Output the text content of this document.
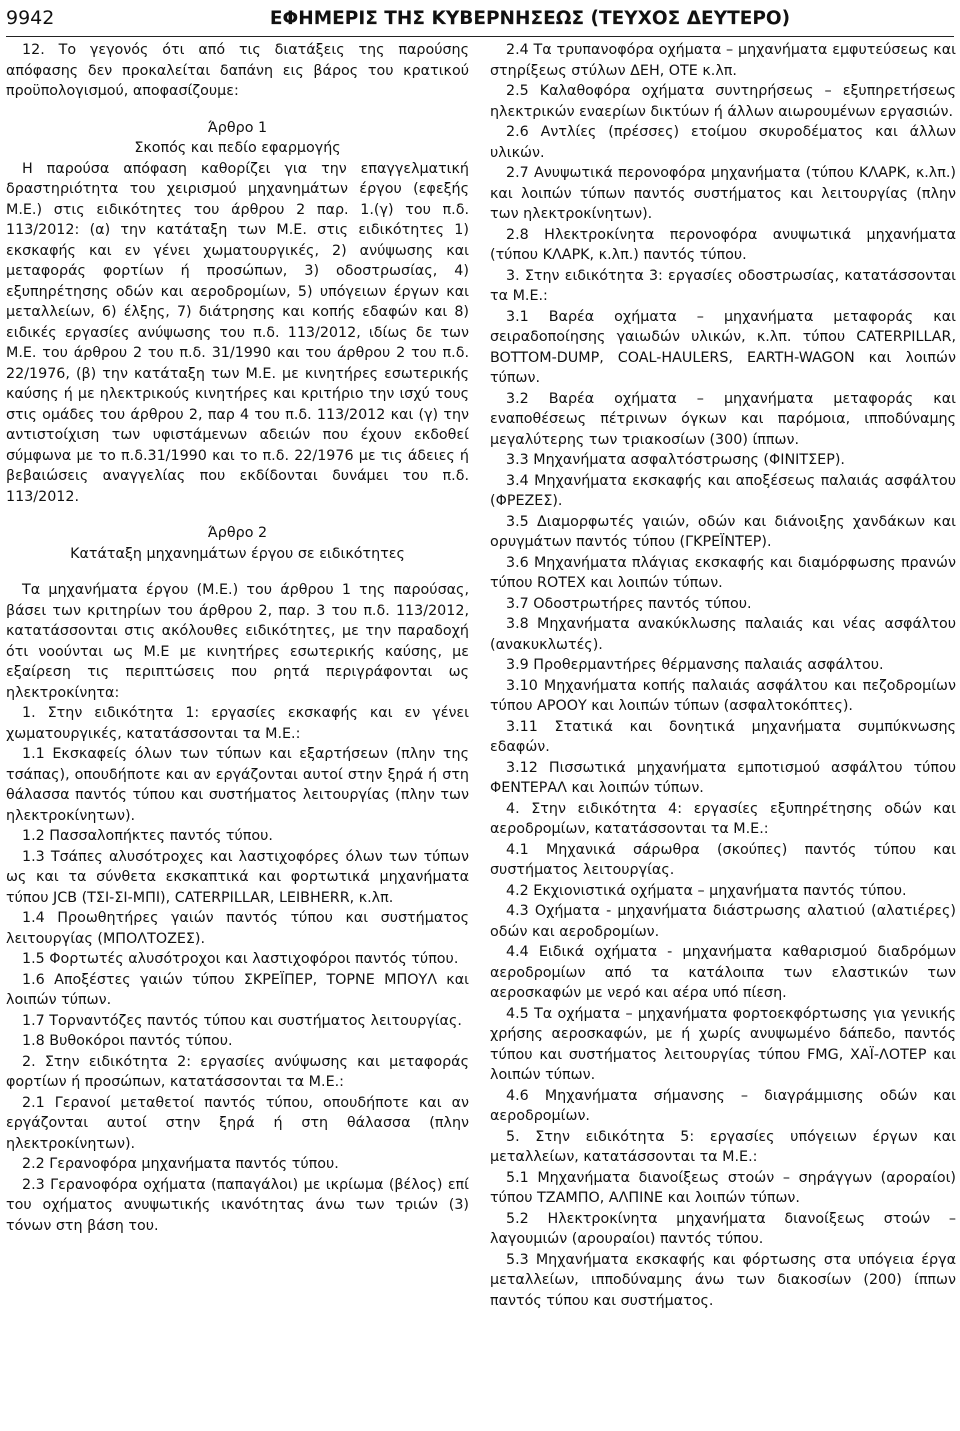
9942	ΕΦΗΜΕΡΙΣ ΤΗΣ ΚΥΒΕΡΝΗΣΕΩΣ (ΤΕΥΧΟΣ ΔΕΥΤΕΡΟ)

12. Το γεγονός ότι από τις διατάξεις της παρούσης απόφασης δεν προκαλείται δαπάνη εις βάρος του κρατικού προϋπολογισμού, αποφασίζουμε:

Άρθρο 1

Σκοπός και πεδίο εφαρμογής

Η παρούσα απόφαση καθορίζει για την επαγγελματική δραστηριότητα του χειρισμού μηχανημάτων έργου (εφεξής Μ.Ε.) στις ειδικότητες του άρθρου 2 παρ. 1.(γ) του π.δ. 113/2012: (α) την κατάταξη των Μ.Ε. στις ειδικότητες 1) εκσκαφής και εν γένει χωματουργικές, 2) ανύψωσης και μεταφοράς φορτίων ή προσώπων, 3) οδοστρωσίας, 4) εξυπηρέτησης οδών και αεροδρομίων, 5) υπόγειων έργων και μεταλλείων, 6) έλξης, 7) διάτρησης και κοπής εδαφών και 8) ειδικές εργασίες ανύψωσης του π.δ. 113/2012, ιδίως δε των Μ.Ε. του άρθρου 2 του π.δ. 31/1990 και του άρθρου 2 του π.δ. 22/1976, (β) την κατάταξη των Μ.Ε. με κινητήρες εσωτερικής καύσης ή με ηλεκτρικούς κινητήρες και κριτήριο την ισχύ τους στις ομάδες του άρθρου 2, παρ 4 του π.δ. 113/2012 και (γ) την αντιστοίχιση των υφιστάμενων αδειών που έχουν εκδοθεί σύμφωνα με το π.δ.31/1990 και το π.δ. 22/1976 με τις άδειες ή βεβαιώσεις αναγγελίας που εκδίδονται δυνάμει του π.δ. 113/2012.

Άρθρο 2

Κατάταξη μηχανημάτων έργου σε ειδικότητες

Τα μηχανήματα έργου (Μ.Ε.) του άρθρου 1 της παρούσας, βάσει των κριτηρίων του άρθρου 2, παρ. 3 του π.δ. 113/2012, κατατάσσονται στις ακόλουθες ειδικότητες, με την παραδοχή ότι νοούνται ως Μ.Ε με κινητήρες εσωτερικής καύσης, με εξαίρεση τις περιπτώσεις που ρητά περιγράφονται ως ηλεκτροκίνητα:

1. Στην ειδικότητα 1: εργασίες εκσκαφής και εν γένει χωματουργικές, κατατάσσονται τα Μ.Ε.:

1.1 Εκσκαφείς όλων των τύπων και εξαρτήσεων (πλην της τσάπας), οπουδήποτε και αν εργάζονται αυτοί στην ξηρά ή στη θάλασσα παντός τύπου και συστήματος λειτουργίας (πλην των ηλεκτροκίνητων).

1.2 Πασσαλοπήκτες παντός τύπου.

1.3 Τσάπες αλυσότροχες και λαστιχοφόρες όλων των τύπων ως και τα σύνθετα εκσκαπτικά και φορτωτικά μηχανήματα τύπου JCB (ΤΣΙ-ΣΙ-ΜΠΙ), CATERPILLAR, LEIBHERR, κ.λπ.

1.4 Προωθητήρες γαιών παντός τύπου και συστήματος λειτουργίας (ΜΠΟΛΤΟΖΕΣ).

1.5 Φορτωτές αλυσότροχοι και λαστιχοφόροι παντός τύπου.

1.6 Αποξέστες γαιών τύπου ΣΚΡΕΪΠΕΡ, ΤΟΡΝΕ ΜΠΟΥΛ και λοιπών τύπων.

1.7 Τορναντόζες παντός τύπου και συστήματος λειτουργίας.

1.8 Βυθοκόροι παντός τύπου.

2. Στην ειδικότητα 2: εργασίες ανύψωσης και μεταφοράς φορτίων ή προσώπων, κατατάσσονται τα Μ.Ε.:

2.1 Γερανοί μεταθετοί παντός τύπου, οπουδήποτε και αν εργάζονται αυτοί στην ξηρά ή στη θάλασσα (πλην ηλεκτροκίνητων).

2.2 Γερανοφόρα μηχανήματα παντός τύπου.

2.3 Γερανοφόρα οχήματα (παπαγάλοι) με ικρίωμα (βέλος) επί του οχήματος ανυψωτικής ικανότητας άνω των τριών (3) τόνων στη βάση του.

2.4 Τα τρυπανοφόρα οχήματα – μηχανήματα εμφυτεύσεως και στηρίξεως στύλων ΔΕΗ, ΟΤΕ κ.λπ.

2.5 Καλαθοφόρα οχήματα συντηρήσεως – εξυπηρετήσεως ηλεκτρικών εναερίων δικτύων ή άλλων αιωρουμένων εργασιών.

2.6 Αντλίες (πρέσσες) ετοίμου σκυροδέματος και άλλων υλικών.

2.7 Ανυψωτικά περονοφόρα μηχανήματα (τύπου ΚΛΑΡΚ, κ.λπ.) και λοιπών τύπων παντός συστήματος και λειτουργίας (πλην των ηλεκτροκίνητων).

2.8 Ηλεκτροκίνητα περονοφόρα ανυψωτικά μηχανήματα (τύπου ΚΛΑΡΚ, κ.λπ.) παντός τύπου.

3. Στην ειδικότητα 3: εργασίες οδοστρωσίας, κατατάσσονται τα Μ.Ε.:

3.1 Βαρέα οχήματα – μηχανήματα μεταφοράς και σειραδοποίησης γαιωδών υλικών, κ.λπ. τύπου CATERPILLAR, BOTTOM-DUMP, COAL-HAULERS, EARTH-WAGON και λοιπών τύπων.

3.2 Βαρέα οχήματα – μηχανήματα μεταφοράς και εναποθέσεως πέτρινων όγκων και παρόμοια, ιπποδύναμης μεγαλύτερης των τριακοσίων (300) ίππων.

3.3 Μηχανήματα ασφαλτόστρωσης (ΦΙΝΙΤΣΕΡ).

3.4 Μηχανήματα εκσκαφής και αποξέσεως παλαιάς ασφάλτου (ΦΡΕΖΕΣ).

3.5 Διαμορφωτές γαιών, οδών και διάνοιξης χανδάκων και ορυγμάτων παντός τύπου (ΓΚΡΕΪΝΤΕΡ).

3.6 Μηχανήματα πλάγιας εκσκαφής και διαμόρφωσης πρανών τύπου ROTEX και λοιπών τύπων.

3.7 Οδοστρωτήρες παντός τύπου.

3.8 Μηχανήματα ανακύκλωσης παλαιάς και νέας ασφάλτου (ανακυκλωτές).

3.9 Προθερμαντήρες θέρμανσης παλαιάς ασφάλτου.

3.10 Μηχανήματα κοπής παλαιάς ασφάλτου και πεζοδρομίων τύπου ΑΡΟΟΥ και λοιπών τύπων (ασφαλτοκόπτες).

3.11 Στατικά και δονητικά μηχανήματα συμπύκνωσης εδαφών.

3.12 Πισσωτικά μηχανήματα εμποτισμού ασφάλτου τύπου ΦΕΝΤΕΡΑΛ και λοιπών τύπων.

4. Στην ειδικότητα 4: εργασίες εξυπηρέτησης οδών και αεροδρομίων, κατατάσσονται τα Μ.Ε.:

4.1 Μηχανικά σάρωθρα (σκούπες) παντός τύπου και συστήματος λειτουργίας.

4.2 Εκχιονιστικά οχήματα – μηχανήματα παντός τύπου.

4.3 Οχήματα - μηχανήματα διάστρωσης αλατιού (αλατιέρες) οδών και αεροδρομίων.

4.4 Ειδικά οχήματα - μηχανήματα καθαρισμού διαδρόμων αεροδρομίων από τα κατάλοιπα των ελαστικών των αεροσκαφών με νερό και αέρα υπό πίεση.

4.5 Τα οχήματα – μηχανήματα φορτοεκφόρτωσης για γενικής χρήσης αεροσκαφών, με ή χωρίς ανυψωμένο δάπεδο, παντός τύπου και συστήματος λειτουργίας τύπου FMG, ΧΑΪ-ΛΟΤΕΡ και λοιπών τύπων.

4.6 Μηχανήματα σήμανσης – διαγράμμισης οδών και αεροδρομίων.

5. Στην ειδικότητα 5: εργασίες υπόγειων έργων και μεταλλείων, κατατάσσονται τα Μ.Ε.:

5.1 Μηχανήματα διανοίξεως στοών – σηράγγων (αροραίοι) τύπου ΤΖΑΜΠΟ, ΑΛΠΙΝΕ και λοιπών τύπων.

5.2 Ηλεκτροκίνητα μηχανήματα διανοίξεως στοών – λαγουμιών (αρουραίοι) παντός τύπου.

5.3 Μηχανήματα εκσκαφής και φόρτωσης στα υπόγεια έργα μεταλλείων, ιπποδύναμης άνω των διακοσίων (200) ίππων παντός τύπου και συστήματος.
